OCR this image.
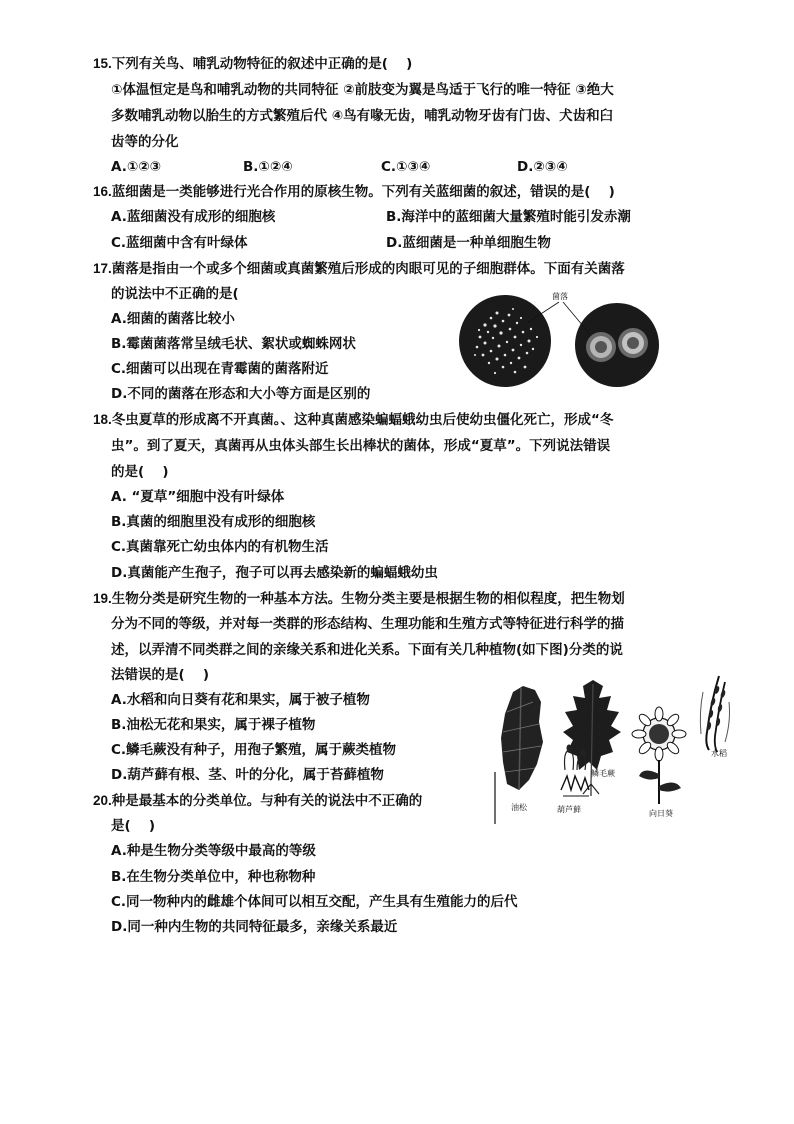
15.下列有关鸟、哺乳动物特征的叙述中正确的是(　 )
①体温恒定是鸟和哺乳动物的共同特征 ②前肢变为翼是鸟适于飞行的唯一特征 ③绝大
多数哺乳动物以胎生的方式繁殖后代 ④鸟有喙无齿，哺乳动物牙齿有门齿、犬齿和臼
齿等的分化
A.①②③	B.①②④	C.①③④	D.②③④
16.蓝细菌是一类能够进行光合作用的原核生物。下列有关蓝细菌的叙述，错误的是(　 )
A.蓝细菌没有成形的细胞核	B.海洋中的蓝细菌大量繁殖时能引发赤潮
C.蓝细菌中含有叶绿体	D.蓝细菌是一种单细胞生物
17.菌落是指由一个或多个细菌或真菌繁殖后形成的肉眼可见的子细胞群体。下面有关菌落
的说法中不正确的是(
A.细菌的菌落比较小
B.霉菌菌落常呈绒毛状、絮状或蜘蛛网状
C.细菌可以出现在青霉菌的菌落附近
D.不同的菌落在形态和大小等方面是区别的
菌落
18.冬虫夏草的形成离不开真菌。、这种真菌感染蝙蝠蛾幼虫后使幼虫僵化死亡，形成“冬
虫”。到了夏天，真菌再从虫体头部生长出棒状的菌体，形成“夏草”。下列说法错误
的是(　 )
A. “夏草”细胞中没有叶绿体
B.真菌的细胞里没有成形的细胞核
C.真菌靠死亡幼虫体内的有机物生活
D.真菌能产生孢子，孢子可以再去感染新的蝙蝠蛾幼虫
19.生物分类是研究生物的一种基本方法。生物分类主要是根据生物的相似程度，把生物划
分为不同的等级，并对每一类群的形态结构、生理功能和生殖方式等特征进行科学的描
述，以弄清不同类群之间的亲缘关系和进化关系。下面有关几种植物(如下图)分类的说
法错误的是(　 )
A.水稻和向日葵有花和果实，属于被子植物
B.油松无花和果实，属于裸子植物
C.鳞毛蕨没有种子，用孢子繁殖，属于蕨类植物
D.葫芦藓有根、茎、叶的分化，属于苔藓植物
油松
鳞毛蕨
水稻
葫芦藓	向日葵
20.种是最基本的分类单位。与种有关的说法中不正确的
是(　 )
A.种是生物分类等级中最高的等级
B.在生物分类单位中，种也称物种
C.同一物种内的雌雄个体间可以相互交配，产生具有生殖能力的后代
D.同一种内生物的共同特征最多，亲缘关系最近
